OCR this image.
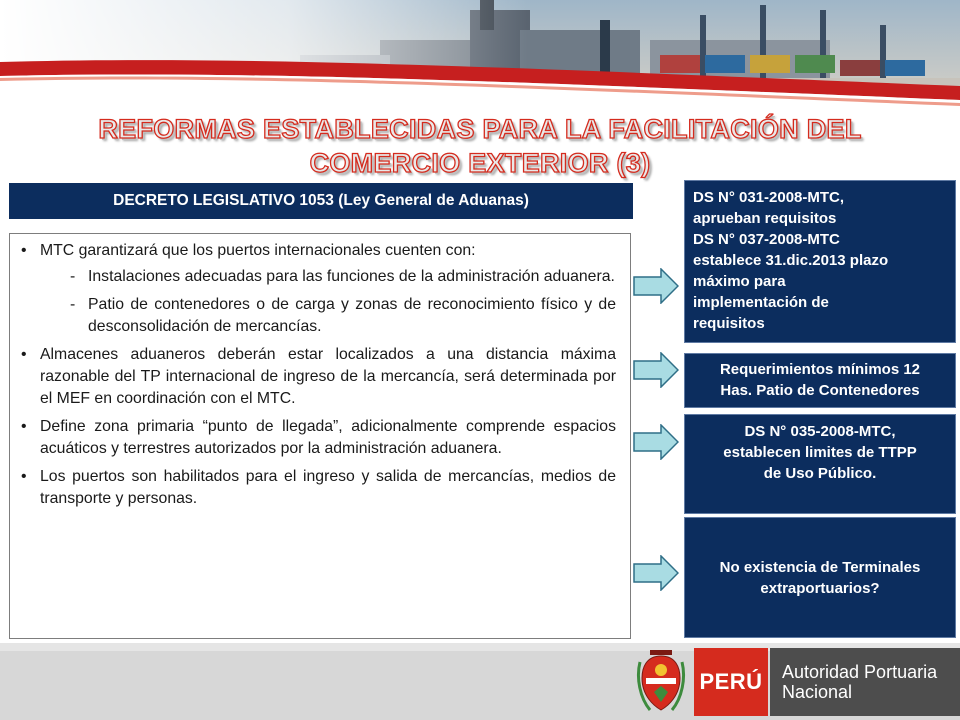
REFORMAS ESTABLECIDAS PARA LA FACILITACIÓN DEL
COMERCIO EXTERIOR (3)
DECRETO LEGISLATIVO 1053 (Ley General de Aduanas)
• MTC garantizará que los puertos internacionales cuenten con:
- Instalaciones adecuadas para las funciones de la administración aduanera.
- Patio de contenedores o de carga y zonas de reconocimiento físico y de desconsolidación de mercancías.
• Almacenes aduaneros deberán estar localizados a una distancia máxima razonable del TP internacional de ingreso de la mercancía, será determinada por el MEF en coordinación con el MTC.
• Define zona primaria “punto de llegada”, adicionalmente comprende espacios acuáticos y terrestres autorizados por la administración aduanera.
• Los puertos son habilitados para el ingreso y salida de mercancías, medios de transporte y personas.
DS N° 031-2008-MTC,
aprueban requisitos
DS N° 037-2008-MTC
establece 31.dic.2013 plazo
máximo para
implementación de
requisitos
Requerimientos mínimos 12
Has. Patio de Contenedores
DS N° 035-2008-MTC,
establecen limites de TTPP
de Uso Público.
No existencia de Terminales
extraportuarios?
PERÚ Autoridad Portuaria
Nacional
